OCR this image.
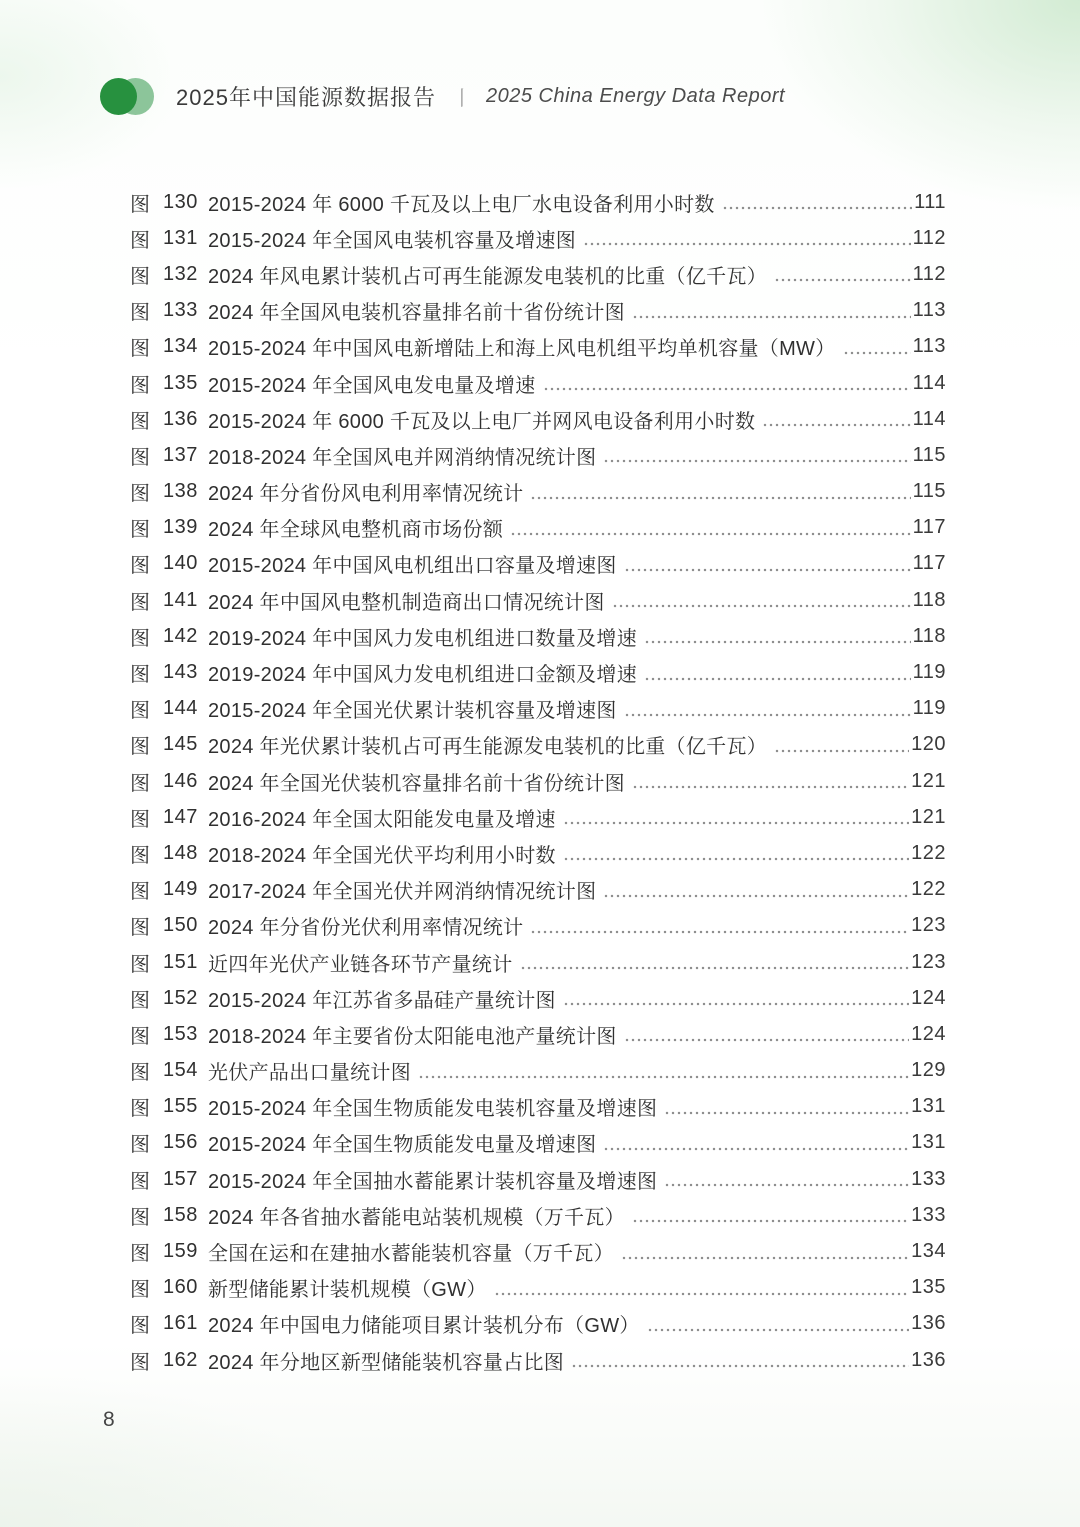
2025年中国能源数据报告 丨 2025 China Energy Data Report
图 130 2015-2024 年 6000 千瓦及以上电厂水电设备利用小时数	111
图 131 2015-2024 年全国风电装机容量及增速图	112
图 132 2024 年风电累计装机占可再生能源发电装机的比重（亿千瓦）	112
图 133 2024 年全国风电装机容量排名前十省份统计图	113
图 134 2015-2024 年中国风电新增陆上和海上风电机组平均单机容量（MW）	113
图 135 2015-2024 年全国风电发电量及增速	114
图 136 2015-2024 年 6000 千瓦及以上电厂并网风电设备利用小时数	114
图 137 2018-2024 年全国风电并网消纳情况统计图	115
图 138 2024 年分省份风电利用率情况统计	115
图 139 2024 年全球风电整机商市场份额	117
图 140 2015-2024 年中国风电机组出口容量及增速图	117
图 141 2024 年中国风电整机制造商出口情况统计图	118
图 142 2019-2024 年中国风力发电机组进口数量及增速	118
图 143 2019-2024 年中国风力发电机组进口金额及增速	119
图 144 2015-2024 年全国光伏累计装机容量及增速图	119
图 145 2024 年光伏累计装机占可再生能源发电装机的比重（亿千瓦）	120
图 146 2024 年全国光伏装机容量排名前十省份统计图	121
图 147 2016-2024 年全国太阳能发电量及增速	121
图 148 2018-2024 年全国光伏平均利用小时数	122
图 149 2017-2024 年全国光伏并网消纳情况统计图	122
图 150 2024 年分省份光伏利用率情况统计	123
图 151 近四年光伏产业链各环节产量统计	123
图 152 2015-2024 年江苏省多晶硅产量统计图	124
图 153 2018-2024 年主要省份太阳能电池产量统计图	124
图 154 光伏产品出口量统计图	129
图 155 2015-2024 年全国生物质能发电装机容量及增速图	131
图 156 2015-2024 年全国生物质能发电量及增速图	131
图 157 2015-2024 年全国抽水蓄能累计装机容量及增速图	133
图 158 2024 年各省抽水蓄能电站装机规模（万千瓦）	133
图 159 全国在运和在建抽水蓄能装机容量（万千瓦）	134
图 160 新型储能累计装机规模（GW）	135
图 161 2024 年中国电力储能项目累计装机分布（GW）	136
图 162 2024 年分地区新型储能装机容量占比图	136
8
